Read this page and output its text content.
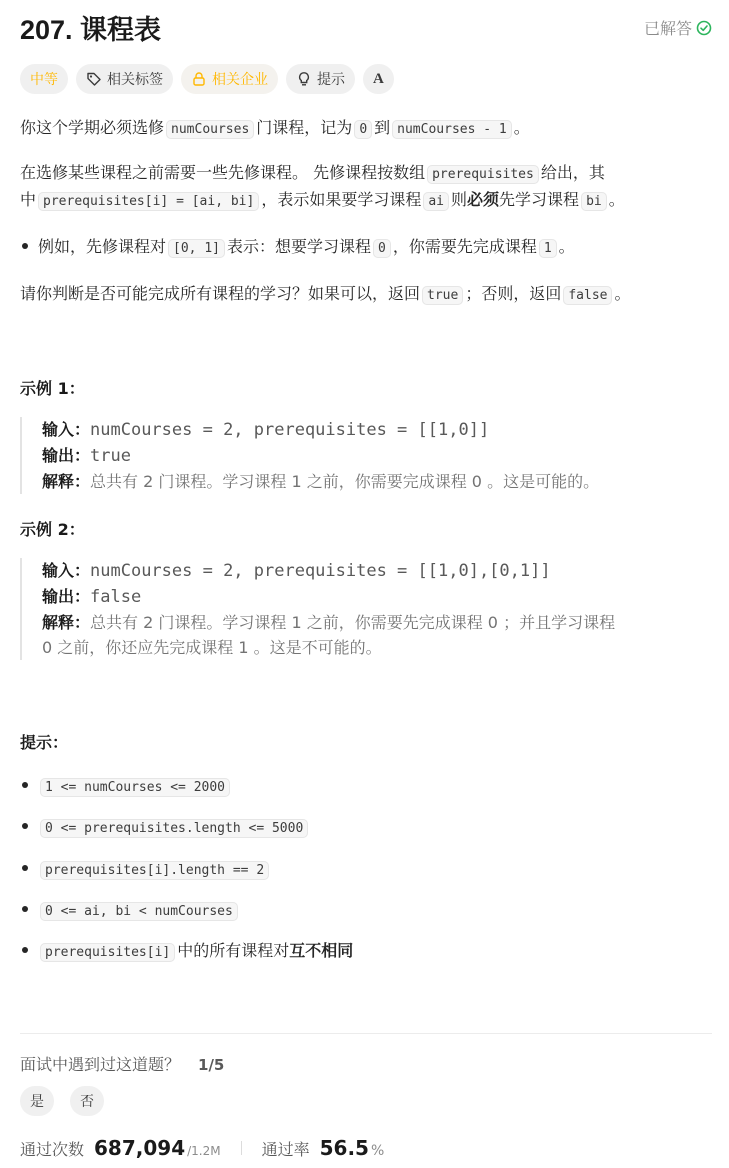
207. 课程表	已解答
中等	相关标签	相关企业	提示 A
你这个学期必须选修 numCourses 门课程，记为 0 到 numCourses - 1 。
在选修某些课程之前需要一些先修课程。 先修课程按数组 prerequisites 给出，其
中 prerequisites[i] = [ai, bi] ，表示如果要学习课程 ai 则必须先学习课程 bi 。
例如，先修课程对 [0, 1] 表示：想要学习课程 0 ，你需要先完成课程 1 。
请你判断是否可能完成所有课程的学习？如果可以，返回 true ；否则，返回 false 。
示例 1：
输入：numCourses = 2, prerequisites = [[1,0]]
输出：true
解释：总共有 2 门课程。学习课程 1 之前，你需要完成课程 0 。这是可能的。
示例 2：
输入：numCourses = 2, prerequisites = [[1,0],[0,1]]
输出：false
解释：总共有 2 门课程。学习课程 1 之前，你需要先完成​课程 0 ；并且学习课程
0 之前，你还应先完成课程 1 。这是不可能的。
提示：
1 <= numCourses <= 2000
0 <= prerequisites.length <= 5000
prerequisites[i].length == 2
0 <= ai, bi < numCourses
prerequisites[i] 中的所有课程对互不相同
面试中遇到过这道题？ 1/5
是	否
通过次数 687,094 /1.2M	通过率 56.5 %
